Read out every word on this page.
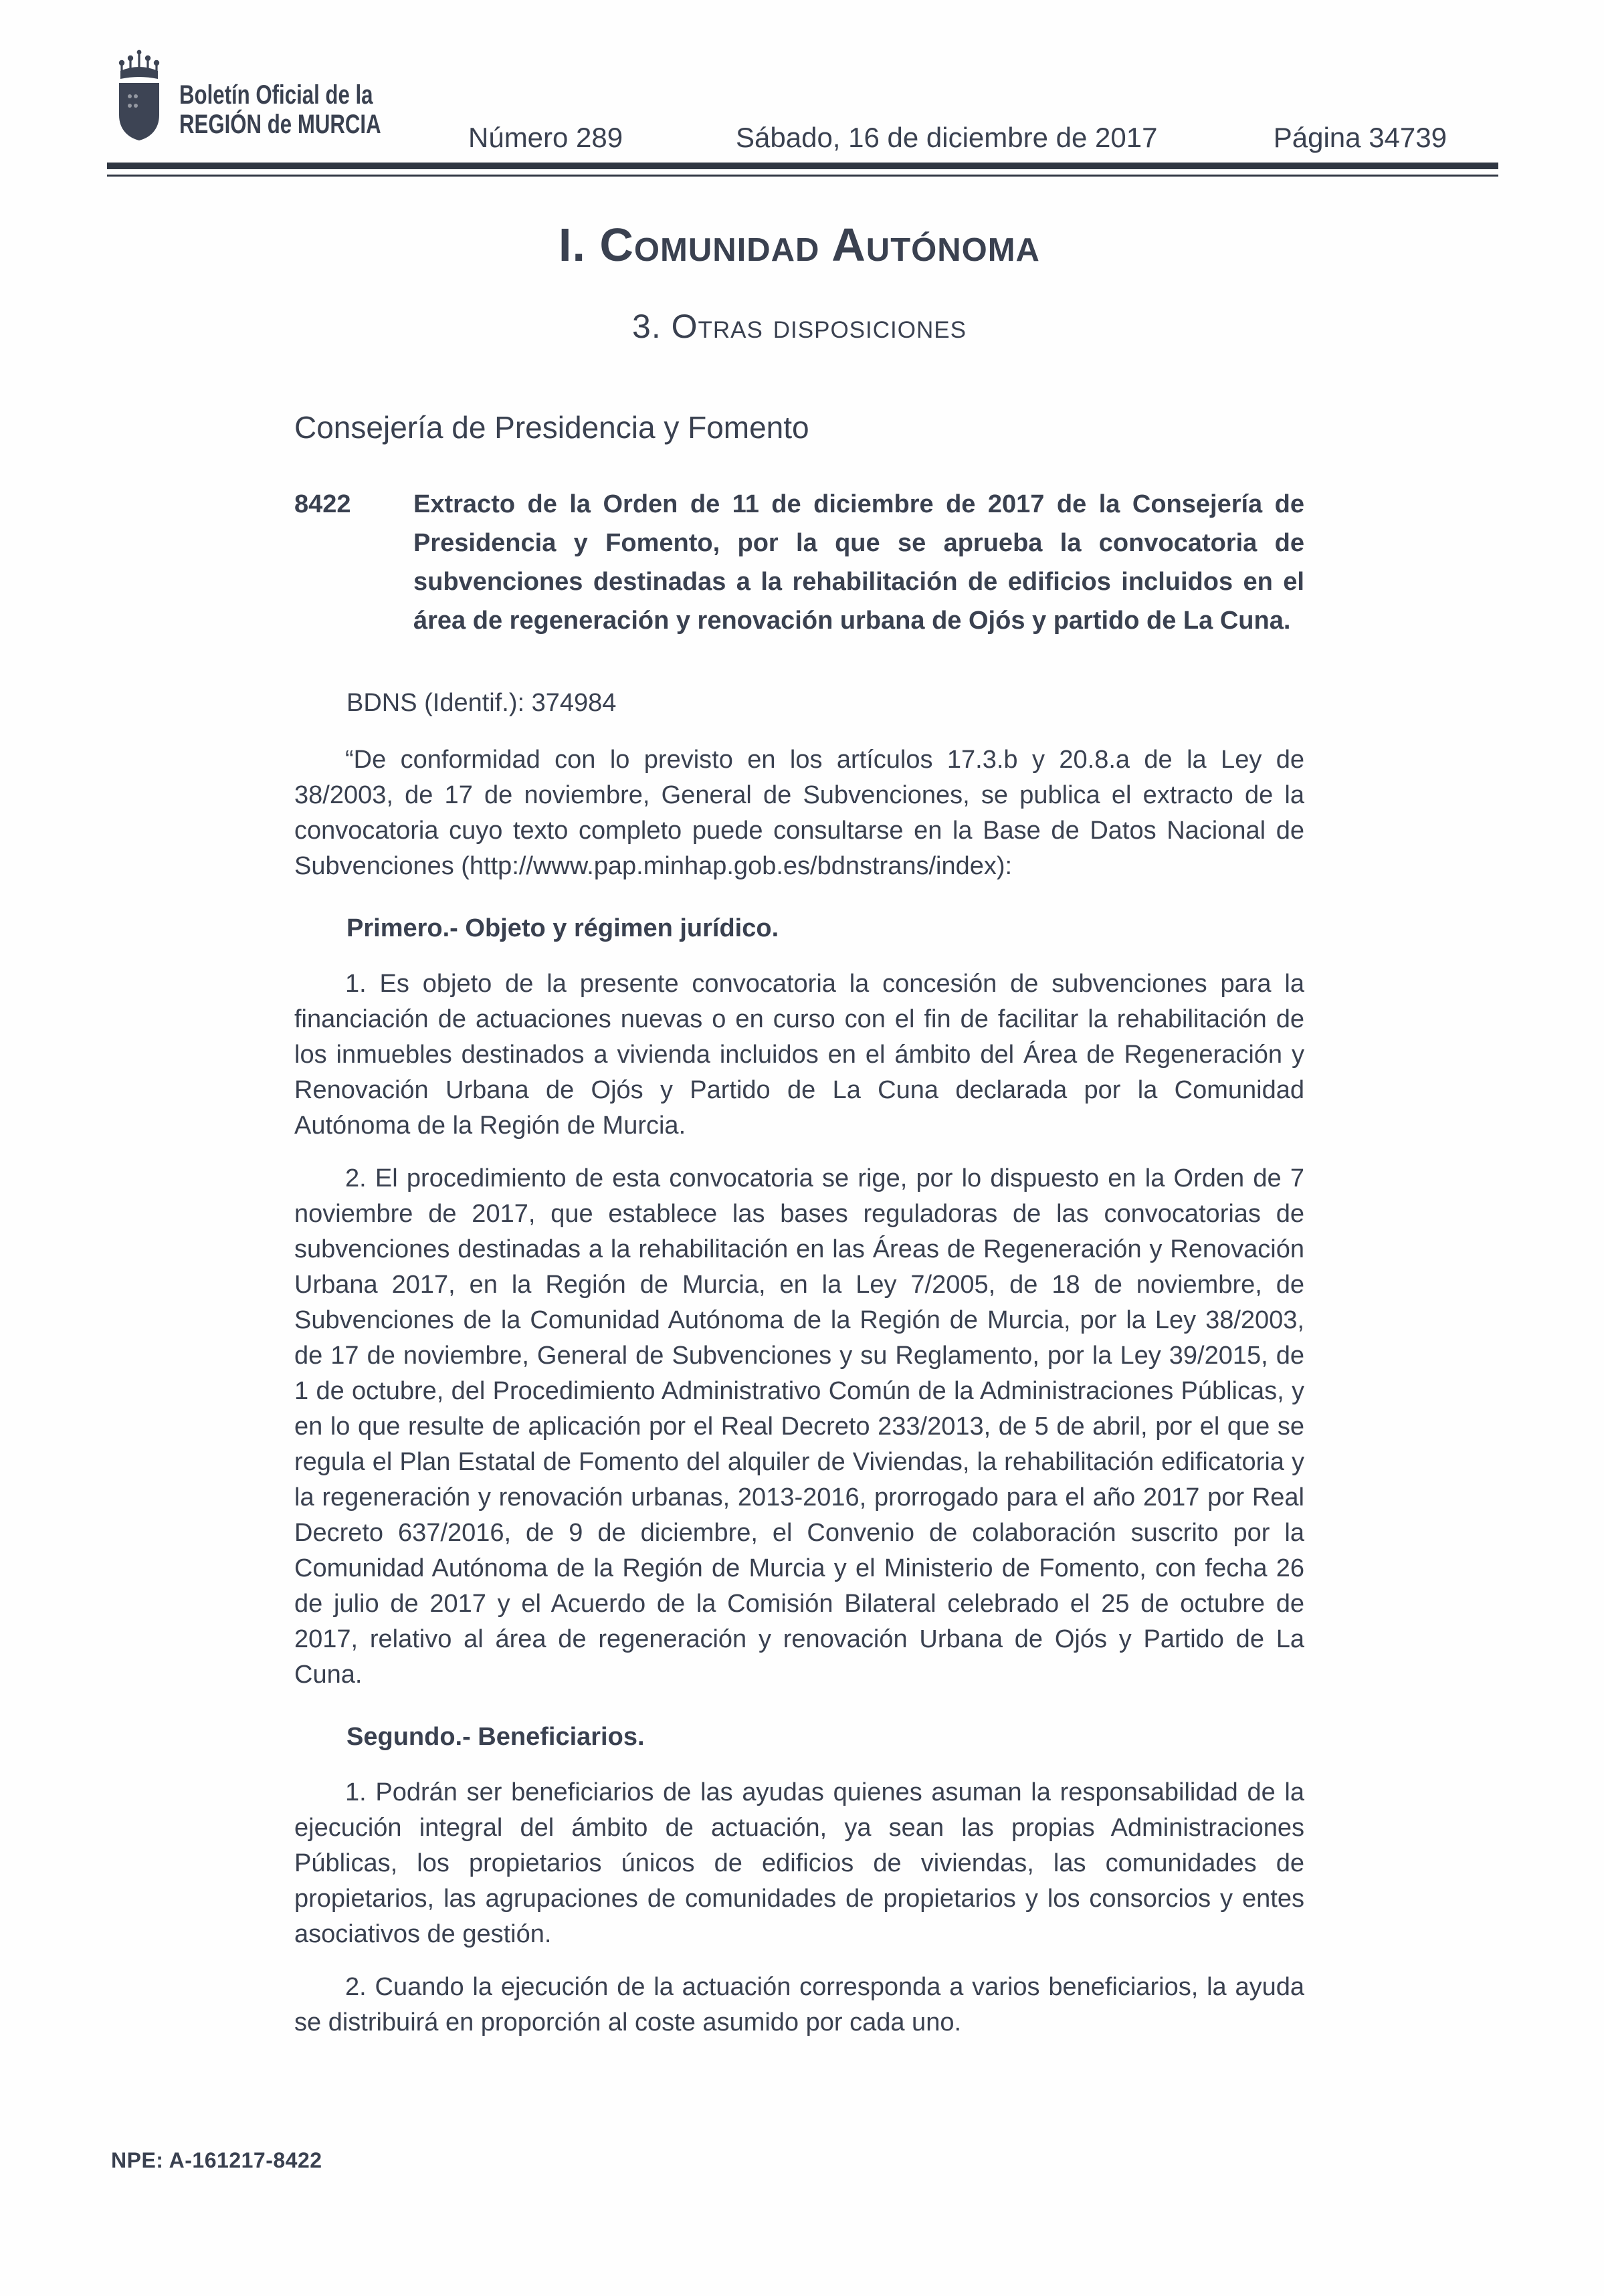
Boletín Oficial de la
REGIÓN de MURCIA	Número 289	Sábado, 16 de diciembre de 2017	Página 34739
I. Comunidad Autónoma
3. Otras disposiciones
Consejería de Presidencia y Fomento
8422	Extracto de la Orden de 11 de diciembre de 2017 de la Consejería de Presidencia y Fomento, por la que se aprueba la convocatoria de subvenciones destinadas a la rehabilitación de edificios incluidos en el área de regeneración y renovación urbana de Ojós y partido de La Cuna.
BDNS (Identif.): 374984

“De conformidad con lo previsto en los artículos 17.3.b y 20.8.a de la Ley de 38/2003, de 17 de noviembre, General de Subvenciones, se publica el extracto de la convocatoria cuyo texto completo puede consultarse en la Base de Datos Nacional de Subvenciones (http://www.pap.minhap.gob.es/bdnstrans/index):

Primero.- Objeto y régimen jurídico.

1. Es objeto de la presente convocatoria la concesión de subvenciones para la financiación de actuaciones nuevas o en curso con el fin de facilitar la rehabilitación de los inmuebles destinados a vivienda incluidos en el ámbito del Área de Regeneración y Renovación Urbana de Ojós y Partido de La Cuna declarada por la Comunidad Autónoma de la Región de Murcia.

2. El procedimiento de esta convocatoria se rige, por lo dispuesto en la Orden de 7 noviembre de 2017, que establece las bases reguladoras de las convocatorias de subvenciones destinadas a la rehabilitación en las Áreas de Regeneración y Renovación Urbana 2017, en la Región de Murcia, en la Ley 7/2005, de 18 de noviembre, de Subvenciones de la Comunidad Autónoma de la Región de Murcia, por la Ley 38/2003, de 17 de noviembre, General de Subvenciones y su Reglamento, por la Ley 39/2015, de 1 de octubre, del Procedimiento Administrativo Común de la Administraciones Públicas, y en lo que resulte de aplicación por el Real Decreto 233/2013, de 5 de abril, por el que se regula el Plan Estatal de Fomento del alquiler de Viviendas, la rehabilitación edificatoria y la regeneración y renovación urbanas, 2013-2016, prorrogado para el año 2017 por Real Decreto 637/2016, de 9 de diciembre, el Convenio de colaboración suscrito por la Comunidad Autónoma de la Región de Murcia y el Ministerio de Fomento, con fecha 26 de julio de 2017 y el Acuerdo de la Comisión Bilateral celebrado el 25 de octubre de 2017, relativo al área de regeneración y renovación Urbana de Ojós y Partido de La Cuna.

Segundo.- Beneficiarios.

1. Podrán ser beneficiarios de las ayudas quienes asuman la responsabilidad de la ejecución integral del ámbito de actuación, ya sean las propias Administraciones Públicas, los propietarios únicos de edificios de viviendas, las comunidades de propietarios, las agrupaciones de comunidades de propietarios y los consorcios y entes asociativos de gestión.

2. Cuando la ejecución de la actuación corresponda a varios beneficiarios, la ayuda se distribuirá en proporción al coste asumido por cada uno.

NPE: A-161217-8422
